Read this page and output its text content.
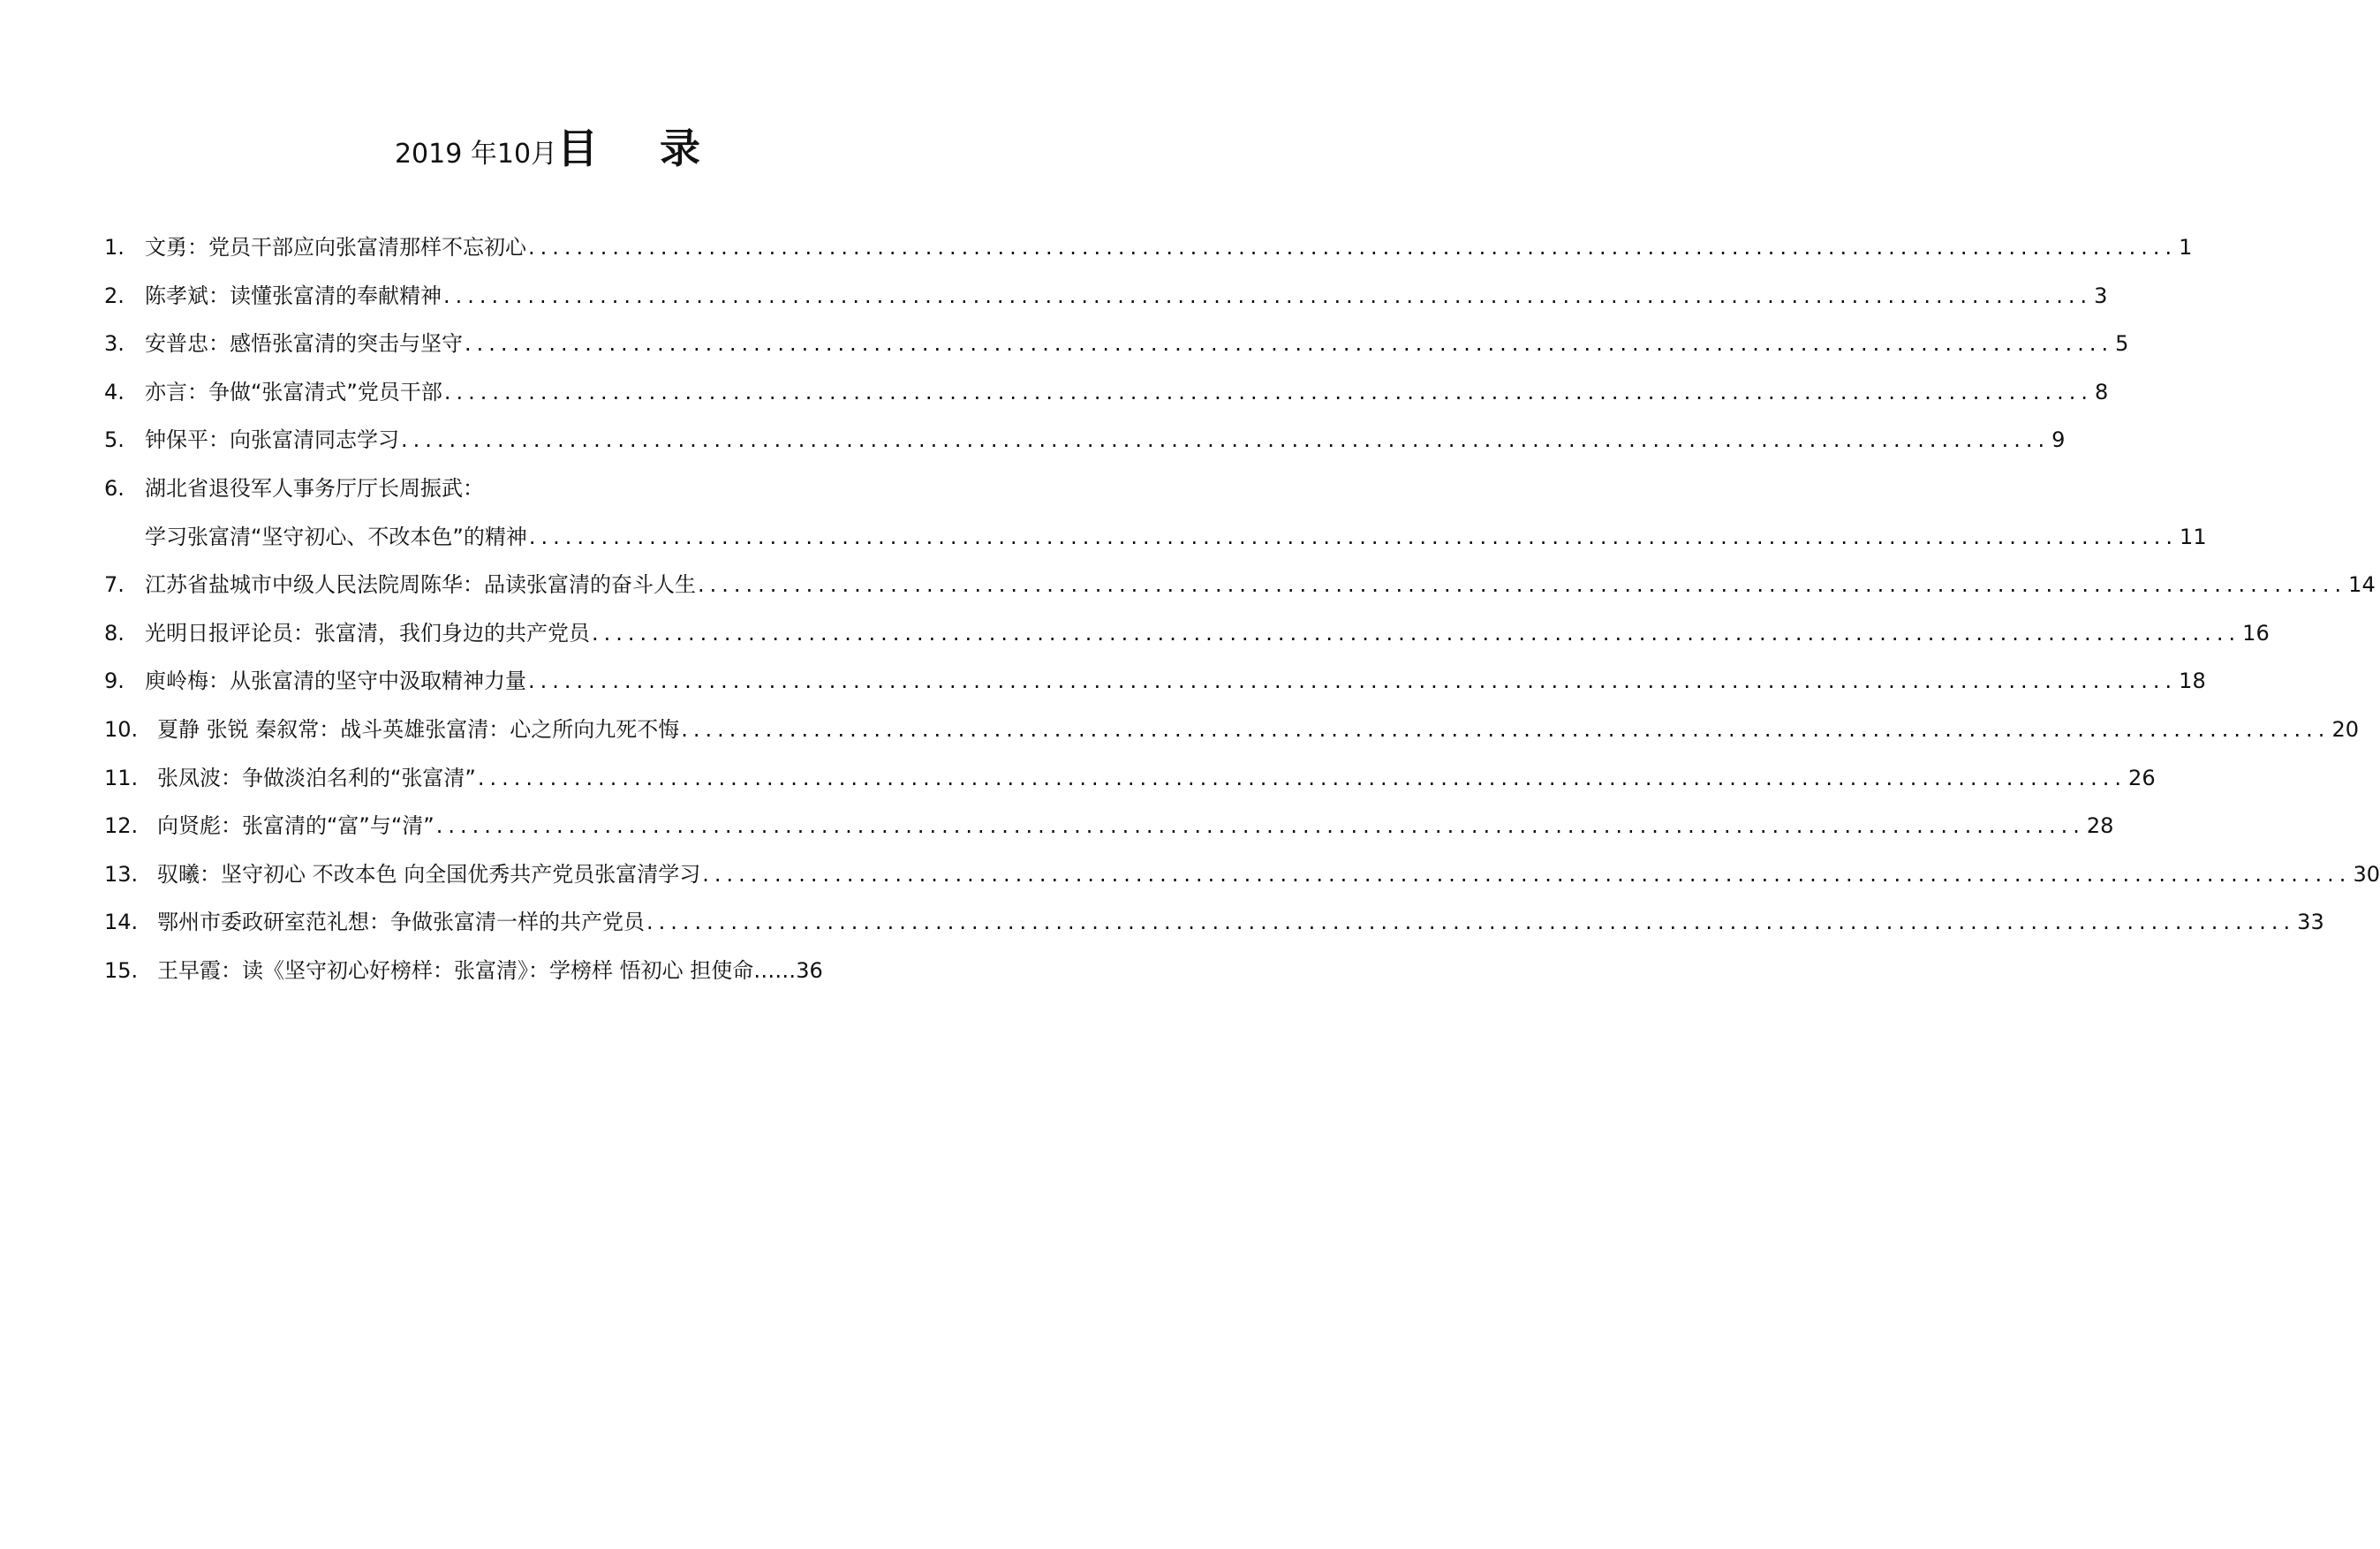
2019 年10月目 录
1. 文勇：党员干部应向张富清那样不忘初心 ......................................................................................................................................... 1
2. 陈孝斌：读懂张富清的奉献精神 ......................................................................................................................................... 3
3. 安普忠：感悟张富清的突击与坚守 ......................................................................................................................................... 5
4. 亦言：争做“张富清式”党员干部 ......................................................................................................................................... 8
5. 钟保平：向张富清同志学习 ......................................................................................................................................... 9
6. 湖北省退役军人事务厅厅长周振武：
学习张富清“坚守初心、不改本色”的精神 ......................................................................................................................................... 11
7. 江苏省盐城市中级人民法院周陈华：品读张富清的奋斗人生 ......................................................................................................................................... 14
8. 光明日报评论员：张富清，我们身边的共产党员 ......................................................................................................................................... 16
9. 庾岭梅：从张富清的坚守中汲取精神力量 ......................................................................................................................................... 18
10. 夏静 张锐 秦叙常：战斗英雄张富清：心之所向九死不悔 ......................................................................................................................................... 20
11. 张凤波：争做淡泊名利的“张富清” ......................................................................................................................................... 26
12. 向贤彪：张富清的“富”与“清” ......................................................................................................................................... 28
13. 驭曦：坚守初心 不改本色 向全国优秀共产党员张富清学习 ......................................................................................................................................... 30
14. 鄂州市委政研室范礼想：争做张富清一样的共产党员 ......................................................................................................................................... 33
15. 王早霞：读《坚守初心好榜样：张富清》：学榜样 悟初心 担使命……36
